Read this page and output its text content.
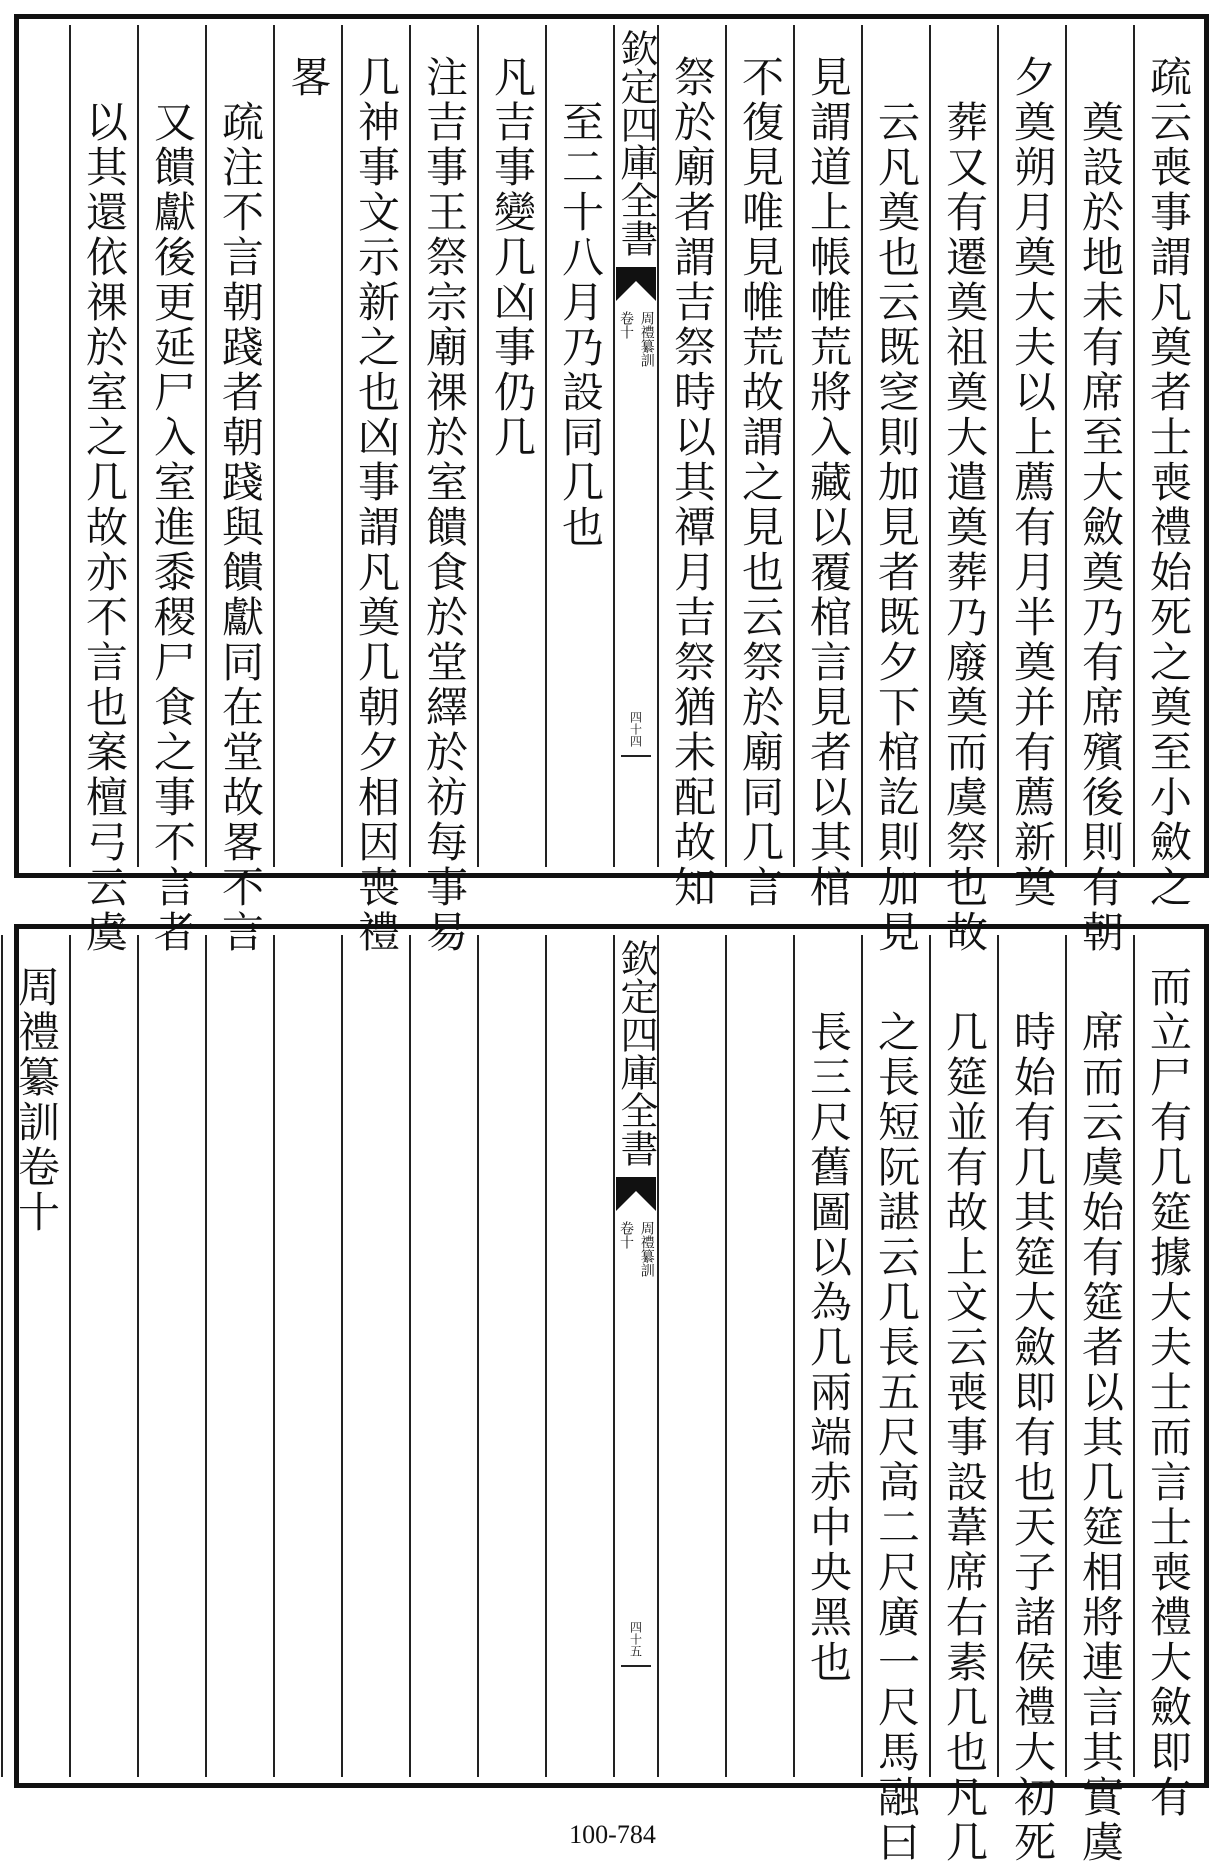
疏云喪事謂凡奠者士喪禮始死之奠至小斂之
奠設於地未有席至大斂奠乃有席殯後則有朝
夕奠朔月奠大夫以上薦有月半奠并有薦新奠
葬又有遷奠祖奠大遣奠葬乃廢奠而虞祭也故
云凡奠也云既窆則加見者既夕下棺訖則加見
見謂道上帳帷荒將入藏以覆棺言見者以其棺
不復見唯見帷荒故謂之見也云祭於廟同几言
祭於廟者謂吉祭時以其禫月吉祭猶未配故知
欽定四庫全書
周禮纂訓
卷十
四十四
至二十八月乃設同几也
凡吉事變几凶事仍几
注吉事王祭宗廟祼於室饋食於堂繹於祊每事易
几神事文示新之也凶事謂凡奠几朝夕相因喪禮
畧
疏注不言朝踐者朝踐與饋獻同在堂故畧不言
又饋獻後更延尸入室進黍稷尸食之事不言者
以其還依祼於室之几故亦不言也案檀弓云虞
而立尸有几筵據大夫士而言士喪禮大斂即有
席而云虞始有筵者以其几筵相將連言其實虞
時始有几其筵大斂即有也天子諸侯禮大初死
几筵並有故上文云喪事設葦席右素几也凡几
之長短阮諶云几長五尺高二尺廣一尺馬融曰
長三尺舊圖以為几兩端赤中央黑也
欽定四庫全書
周禮纂訓
卷十
四十五
周禮纂訓卷十
100-784
